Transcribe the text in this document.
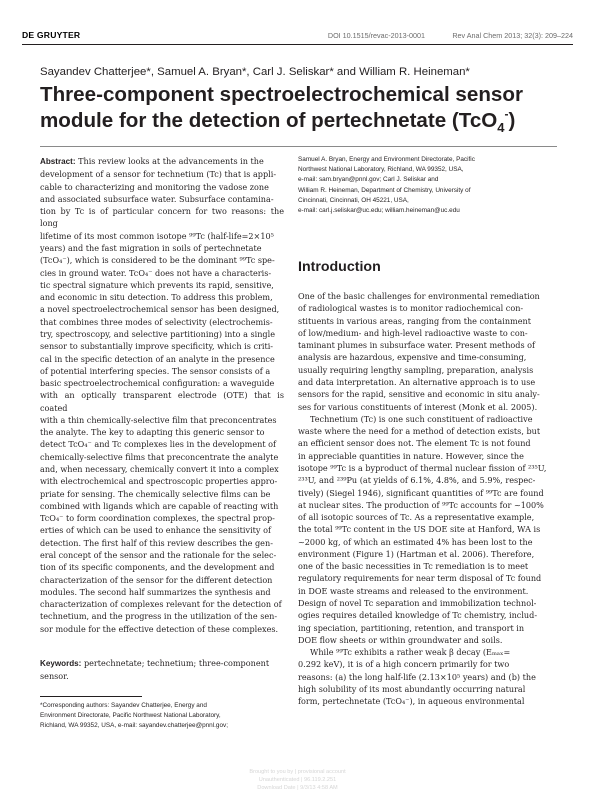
DE GRUYTER	DOI 10.1515/revac-2013-0001	Rev Anal Chem 2013; 32(3): 209–224
Sayandev Chatterjee*, Samuel A. Bryan*, Carl J. Seliskar* and William R. Heineman*
Three-component spectroelectrochemical sensor
module for the detection of pertechnetate (TcO$_4$-)
Abstract: This review looks at the advancements in the
development of a sensor for technetium (Tc) that is appli-
cable to characterizing and monitoring the vadose zone
and associated subsurface water. Subsurface contamina-
tion by Tc is of particular concern for two reasons: the long
lifetime of its most common isotope ⁹⁹Tc (half-life=2×10⁵
years) and the fast migration in soils of pertechnetate
(TcO₄⁻), which is considered to be the dominant ⁹⁹Tc spe-
cies in ground water. TcO₄⁻ does not have a characteris-
tic spectral signature which prevents its rapid, sensitive,
and economic in situ detection. To address this problem,
a novel spectroelectrochemical sensor has been designed,
that combines three modes of selectivity (electrochemis-
try, spectroscopy, and selective partitioning) into a single
sensor to substantially improve specificity, which is criti-
cal in the specific detection of an analyte in the presence
of potential interfering species. The sensor consists of a
basic spectroelectrochemical configuration: a waveguide
with an optically transparent electrode (OTE) that is coated
with a thin chemically-selective film that preconcentrates
the analyte. The key to adapting this generic sensor to
detect TcO₄⁻ and Tc complexes lies in the development of
chemically-selective films that preconcentrate the analyte
and, when necessary, chemically convert it into a complex
with electrochemical and spectroscopic properties appro-
priate for sensing. The chemically selective films can be
combined with ligands which are capable of reacting with
TcO₄⁻ to form coordination complexes, the spectral prop-
erties of which can be used to enhance the sensitivity of
detection. The first half of this review describes the gen-
eral concept of the sensor and the rationale for the selec-
tion of its specific components, and the development and
characterization of the sensor for the different detection
modules. The second half summarizes the synthesis and
characterization of complexes relevant for the detection of
technetium, and the progress in the utilization of the sen-
sor module for the effective detection of these complexes.
Keywords: pertechnetate; technetium; three-component
sensor.
*Corresponding authors: Sayandev Chatterjee, Energy and
Environment Directorate, Pacific Northwest National Laboratory,
Richland, WA 99352, USA, e-mail: sayandev.chatterjee@pnnl.gov;
Samuel A. Bryan, Energy and Environment Directorate, Pacific
Northwest National Laboratory, Richland, WA 99352, USA,
e-mail: sam.bryan@pnnl.gov; Carl J. Seliskar and
William R. Heineman, Department of Chemistry, University of
Cincinnati, Cincinnati, OH 45221, USA,
e-mail: carl.j.seliskar@uc.edu; william.heineman@uc.edu
Introduction
One of the basic challenges for environmental remediation
of radiological wastes is to monitor radiochemical con-
stituents in various areas, ranging from the containment
of low/medium- and high-level radioactive waste to con-
taminant plumes in subsurface water. Present methods of
analysis are hazardous, expensive and time-consuming,
usually requiring lengthy sampling, preparation, analysis
and data interpretation. An alternative approach is to use
sensors for the rapid, sensitive and economic in situ analy-
ses for various constituents of interest (Monk et al. 2005).
Technetium (Tc) is one such constituent of radioactive
waste where the need for a method of detection exists, but
an efficient sensor does not. The element Tc is not found
in appreciable quantities in nature. However, since the
isotope ⁹⁹Tc is a byproduct of thermal nuclear fission of ²³⁵U,
²³³U, and ²³⁹Pu (at yields of 6.1%, 4.8%, and 5.9%, respec-
tively) (Siegel 1946), significant quantities of ⁹⁹Tc are found
at nuclear sites. The production of ⁹⁹Tc accounts for ~100%
of all isotopic sources of Tc. As a representative example,
the total ⁹⁹Tc content in the US DOE site at Hanford, WA is
~2000 kg, of which an estimated 4% has been lost to the
environment (Figure 1) (Hartman et al. 2006). Therefore,
one of the basic necessities in Tc remediation is to meet
regulatory requirements for near term disposal of Tc found
in DOE waste streams and released to the environment.
Design of novel Tc separation and immobilization technol-
ogies requires detailed knowledge of Tc chemistry, includ-
ing speciation, partitioning, retention, and transport in
DOE flow sheets or within groundwater and soils.
While ⁹⁹Tc exhibits a rather weak β decay (Eₘₐₓ=
0.292 keV), it is of a high concern primarily for two
reasons: (a) the long half-life (2.13×10⁵ years) and (b) the
high solubility of its most abundantly occurring natural
form, pertechnetate (TcO₄⁻), in aqueous environmental
Brought to you by | provisional account
Unauthenticated | 96.119.2.251
Download Date | 9/3/13 4:58 AM
